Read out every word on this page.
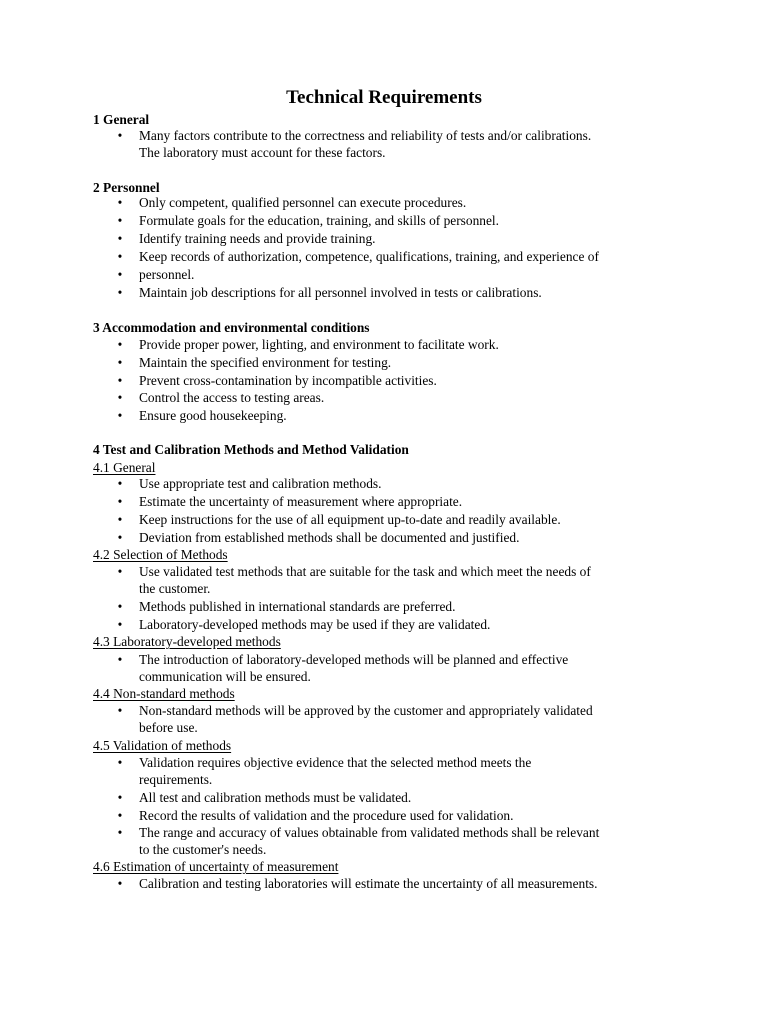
Technical Requirements
1 General
• Many factors contribute to the correctness and reliability of tests and/or calibrations.
The laboratory must account for these factors.
2 Personnel
• Only competent, qualified personnel can execute procedures.
• Formulate goals for the education, training, and skills of personnel.
• Identify training needs and provide training.
• Keep records of authorization, competence, qualifications, training, and experience of
• personnel.
• Maintain job descriptions for all personnel involved in tests or calibrations.
3 Accommodation and environmental conditions
• Provide proper power, lighting, and environment to facilitate work.
• Maintain the specified environment for testing.
• Prevent cross-contamination by incompatible activities.
• Control the access to testing areas.
• Ensure good housekeeping.
4 Test and Calibration Methods and Method Validation
4.1 General
• Use appropriate test and calibration methods.
• Estimate the uncertainty of measurement where appropriate.
• Keep instructions for the use of all equipment up-to-date and readily available.
• Deviation from established methods shall be documented and justified.
4.2 Selection of Methods
• Use validated test methods that are suitable for the task and which meet the needs of
the customer.
• Methods published in international standards are preferred.
• Laboratory-developed methods may be used if they are validated.
4.3 Laboratory-developed methods
• The introduction of laboratory-developed methods will be planned and effective
communication will be ensured.
4.4 Non-standard methods
• Non-standard methods will be approved by the customer and appropriately validated
before use.
4.5 Validation of methods
• Validation requires objective evidence that the selected method meets the
requirements.
• All test and calibration methods must be validated.
• Record the results of validation and the procedure used for validation.
• The range and accuracy of values obtainable from validated methods shall be relevant
to the customer's needs.
4.6 Estimation of uncertainty of measurement
• Calibration and testing laboratories will estimate the uncertainty of all measurements.
